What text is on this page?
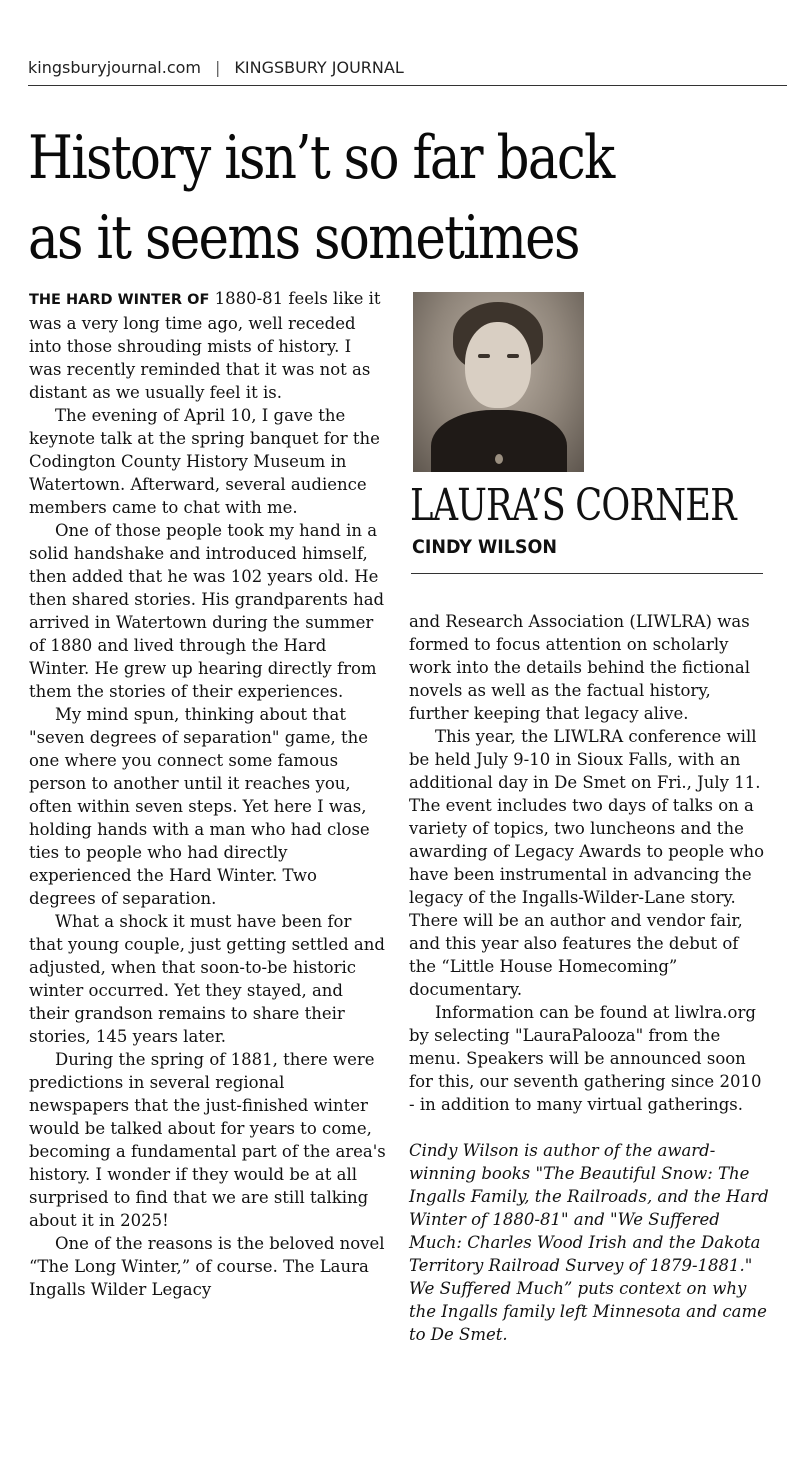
kingsburyjournal.com | KINGSBURY JOURNAL
History isn’t so far back
as it seems sometimes

THE HARD WINTER OF 1880-81 feels like it was a very long time ago, well receded into those shrouding mists of history. I was recently reminded that it was not as distant as we usually feel it is.

The evening of April 10, I gave the keynote talk at the spring banquet for the Codington County History Museum in Watertown. Afterward, several audience members came to chat with me.

One of those people took my hand in a solid handshake and introduced himself, then added that he was 102 years old. He then shared stories. His grandparents had arrived in Watertown during the summer of 1880 and lived through the Hard Winter. He grew up hearing directly from them the stories of their experiences.

My mind spun, thinking about that "seven degrees of separation" game, the one where you connect some famous person to another until it reaches you, often within seven steps. Yet here I was, holding hands with a man who had close ties to people who had directly experienced the Hard Winter. Two degrees of separation.

What a shock it must have been for that young couple, just getting settled and adjusted, when that soon-to-be historic winter occurred. Yet they stayed, and their grandson remains to share their stories, 145 years later.

During the spring of 1881, there were predictions in several regional newspapers that the just-finished winter would be talked about for years to come, becoming a fundamental part of the area's history. I wonder if they would be at all surprised to find that we are still talking about it in 2025!

One of the reasons is the beloved novel “The Long Winter,” of course. The Laura Ingalls Wilder Legacy

LAURA’S CORNER
CINDY WILSON

and Research Association (LIWLRA) was formed to focus attention on scholarly work into the details behind the fictional novels as well as the factual history, further keeping that legacy alive.

This year, the LIWLRA conference will be held July 9-10 in Sioux Falls, with an additional day in De Smet on Fri., July 11. The event includes two days of talks on a variety of topics, two luncheons and the awarding of Legacy Awards to people who have been instrumental in advancing the legacy of the Ingalls-Wilder-Lane story. There will be an author and vendor fair, and this year also features the debut of the “Little House Homecoming” documentary.

Information can be found at liwlra.org by selecting "LauraPalooza" from the menu. Speakers will be announced soon for this, our seventh gathering since 2010 - in addition to many virtual gatherings.

Cindy Wilson is author of the award-winning books "The Beautiful Snow: The Ingalls Family, the Railroads, and the Hard Winter of 1880-81" and "We Suffered Much: Charles Wood Irish and the Dakota Territory Railroad Survey of 1879-1881." We Suffered Much” puts context on why the Ingalls family left Minnesota and came to De Smet.
